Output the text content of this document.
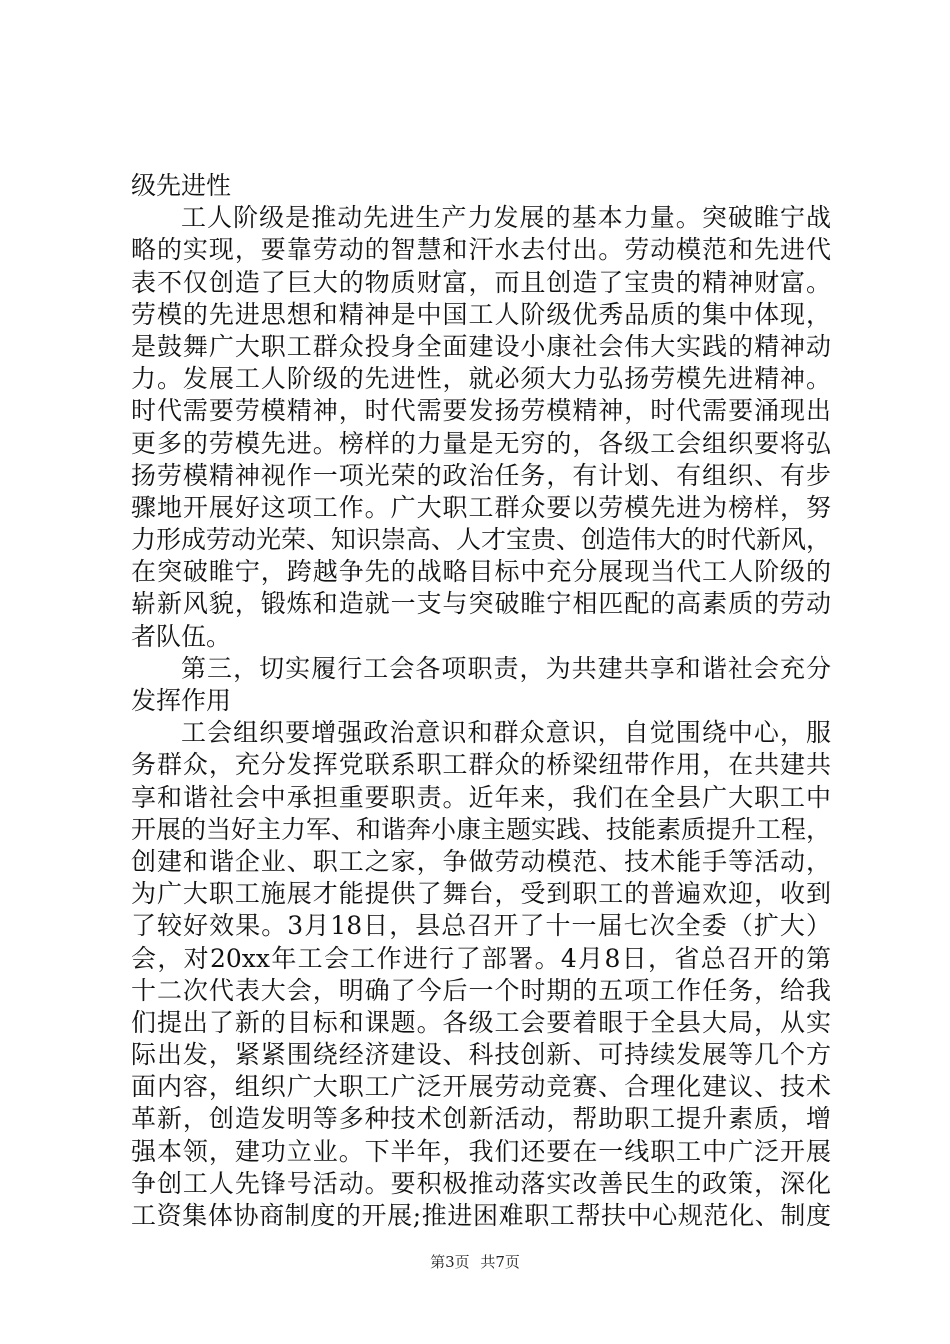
级先进性
工人阶级是推动先进生产力发展的基本力量。突破睢宁战
略的实现，要靠劳动的智慧和汗水去付出。劳动模范和先进代
表不仅创造了巨大的物质财富，而且创造了宝贵的精神财富。
劳模的先进思想和精神是中国工人阶级优秀品质的集中体现，
是鼓舞广大职工群众投身全面建设小康社会伟大实践的精神动
力。发展工人阶级的先进性，就必须大力弘扬劳模先进精神。
时代需要劳模精神，时代需要发扬劳模精神，时代需要涌现出
更多的劳模先进。榜样的力量是无穷的，各级工会组织要将弘
扬劳模精神视作一项光荣的政治任务，有计划、有组织、有步
骤地开展好这项工作。广大职工群众要以劳模先进为榜样，努
力形成劳动光荣、知识崇高、人才宝贵、创造伟大的时代新风，
在突破睢宁，跨越争先的战略目标中充分展现当代工人阶级的
崭新风貌，锻炼和造就一支与突破睢宁相匹配的高素质的劳动
者队伍。
第三，切实履行工会各项职责，为共建共享和谐社会充分
发挥作用
工会组织要增强政治意识和群众意识，自觉围绕中心，服
务群众，充分发挥党联系职工群众的桥梁纽带作用，在共建共
享和谐社会中承担重要职责。近年来，我们在全县广大职工中
开展的当好主力军、和谐奔小康主题实践、技能素质提升工程，
创建和谐企业、职工之家，争做劳动模范、技术能手等活动，
为广大职工施展才能提供了舞台，受到职工的普遍欢迎，收到
了较好效果。3月18日，县总召开了十一届七次全委（扩大）
会，对20xx年工会工作进行了部署。4月8日，省总召开的第
十二次代表大会，明确了今后一个时期的五项工作任务，给我
们提出了新的目标和课题。各级工会要着眼于全县大局，从实
际出发，紧紧围绕经济建设、科技创新、可持续发展等几个方
面内容，组织广大职工广泛开展劳动竞赛、合理化建议、技术
革新，创造发明等多种技术创新活动，帮助职工提升素质，增
强本领，建功立业。下半年，我们还要在一线职工中广泛开展
争创工人先锋号活动。要积极推动落实改善民生的政策，深化
工资集体协商制度的开展;推进困难职工帮扶中心规范化、制度
第3页 共7页
